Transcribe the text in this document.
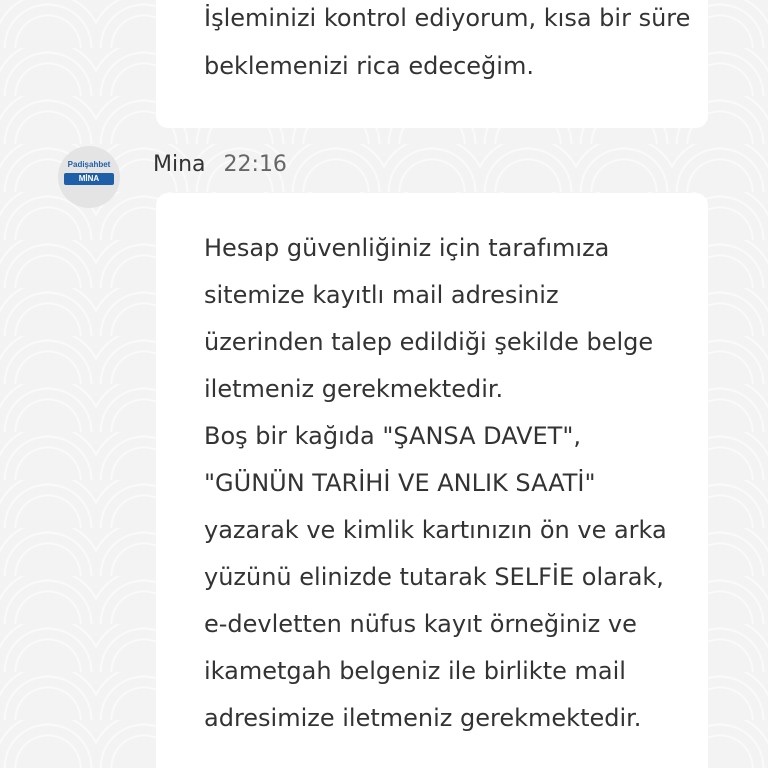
İşleminizi kontrol ediyorum, kısa bir süre beklemenizi rica edeceğim.
Padişahbet
MİNA
Mina 22:16
Hesap güvenliğiniz için tarafımıza sitemize kayıtlı mail adresiniz üzerinden talep edildiği şekilde belge iletmeniz gerekmektedir.
Boş bir kağıda "ŞANSA DAVET", "GÜNÜN TARİHİ VE ANLIK SAATİ" yazarak ve kimlik kartınızın ön ve arka yüzünü elinizde tutarak SELFİE olarak, e-devletten nüfus kayıt örneğiniz ve ikametgah belgeniz ile birlikte mail adresimize iletmeniz gerekmektedir.
